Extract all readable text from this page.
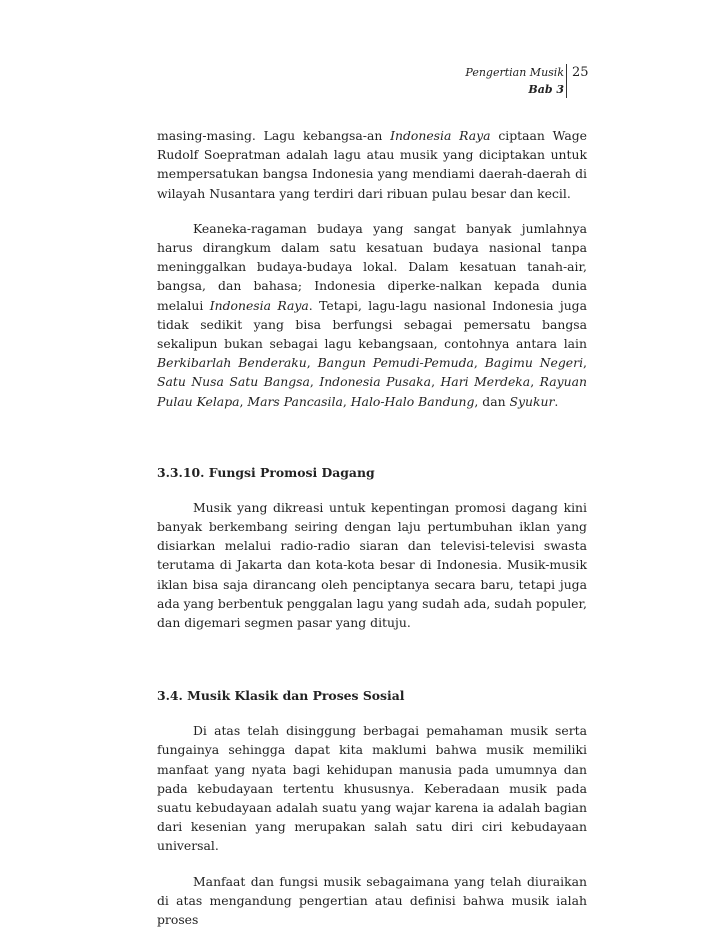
Pengertian Musik
Bab 3
25

masing-masing. Lagu kebangsa-an Indonesia Raya ciptaan Wage Rudolf Soepratman adalah lagu atau musik yang diciptakan untuk mempersatukan bangsa Indonesia yang mendiami daerah-daerah di wilayah Nusantara yang terdiri dari ribuan pulau besar dan kecil.

Keaneka-ragaman budaya yang sangat banyak jumlahnya harus dirangkum dalam satu kesatuan budaya nasional tanpa meninggalkan budaya-budaya lokal. Dalam kesatuan tanah-air, bangsa, dan bahasa; Indonesia diperke-nalkan kepada dunia melalui Indonesia Raya. Tetapi, lagu-lagu nasional Indonesia juga tidak sedikit yang bisa berfungsi sebagai pemersatu bangsa sekalipun bukan sebagai lagu kebangsaan, contohnya antara lain Berkibarlah Benderaku, Bangun Pemudi-Pemuda, Bagimu Negeri, Satu Nusa Satu Bangsa, Indonesia Pusaka, Hari Merdeka, Rayuan Pulau Kelapa, Mars Pancasila, Halo-Halo Bandung, dan Syukur.

3.3.10. Fungsi Promosi Dagang

Musik yang dikreasi untuk kepentingan promosi dagang kini banyak berkembang seiring dengan laju pertumbuhan iklan yang disiarkan melalui radio-radio siaran dan televisi-televisi swasta terutama di Jakarta dan kota-kota besar di Indonesia. Musik-musik iklan bisa saja dirancang oleh penciptanya secara baru, tetapi juga ada yang berbentuk penggalan lagu yang sudah ada, sudah populer, dan digemari segmen pasar yang dituju.

3.4. Musik Klasik dan Proses Sosial

Di atas telah disinggung berbagai pemahaman musik serta fungainya sehingga dapat kita maklumi bahwa musik memiliki manfaat yang nyata bagi kehidupan manusia pada umumnya dan pada kebudayaan tertentu khususnya. Keberadaan musik pada suatu kebudayaan adalah suatu yang wajar karena ia adalah bagian dari kesenian yang merupakan salah satu diri ciri kebudayaan universal.

Manfaat dan fungsi musik sebagaimana yang telah diuraikan di atas mengandung pengertian atau definisi bahwa musik ialah proses
